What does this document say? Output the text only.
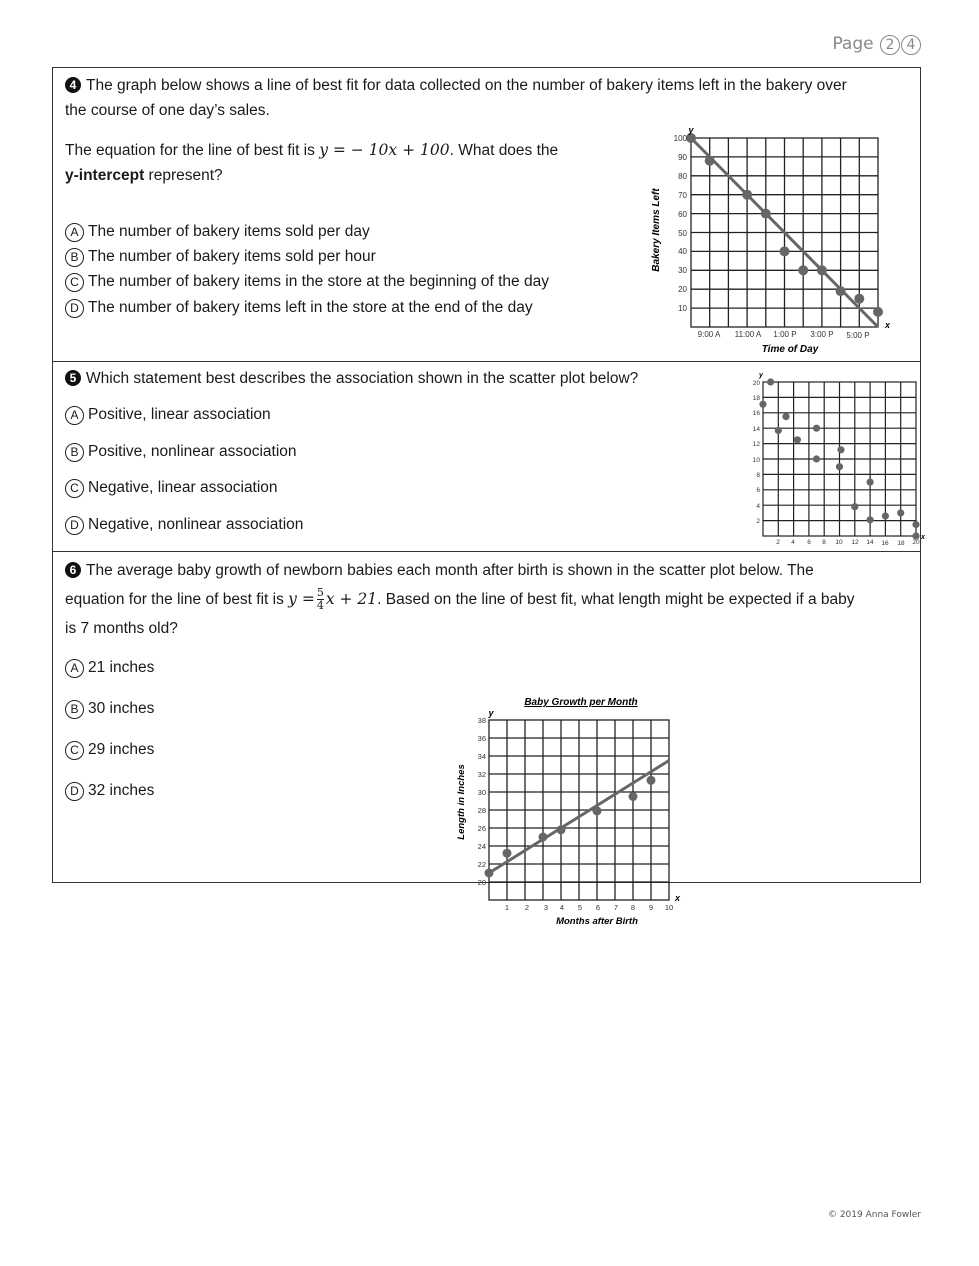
Page 2 4
4 The graph below shows a line of best fit for data collected on the number of bakery items left in the bakery over
the course of one day’s sales.
The equation for the line of best fit is y = − 10x + 100. What does the
y-intercept represent?
A The number of bakery items sold per day
B The number of bakery items sold per hour
C The number of bakery items in the store at the beginning of the day
D The number of bakery items left in the store at the end of the day
100
90
80
70
60
50
40
30
20
10
9:00 A 11:00 A 1:00 P 3:00 P 5:00 P
y
x
Time of Day
Bakery Items Left
5 Which statement best describes the association shown in the scatter plot below?
A Positive, linear association
B Positive, nonlinear association
C Negative, linear association
D Negative, nonlinear association
20
18
16
14
12
10
8
6
4
2
2 4 6 8 10 12 14 16 18 20
y
x
6 The average baby growth of newborn babies each month after birth is shown in the scatter plot below. The
equation for the line of best fit is $y = \frac{5}{4}$ x + 21. Based on the line of best fit, what length might be expected if a baby
is 7 months old?
A 21 inches
B 30 inches
C 29 inches
D 32 inches
Baby Growth per Month
38
36
34
32
30
28
26
24
22
20
1 2 3 4 5 6 7 8 9 10
y
x
Months after Birth
Length in Inches
© 2019 Anna Fowler
